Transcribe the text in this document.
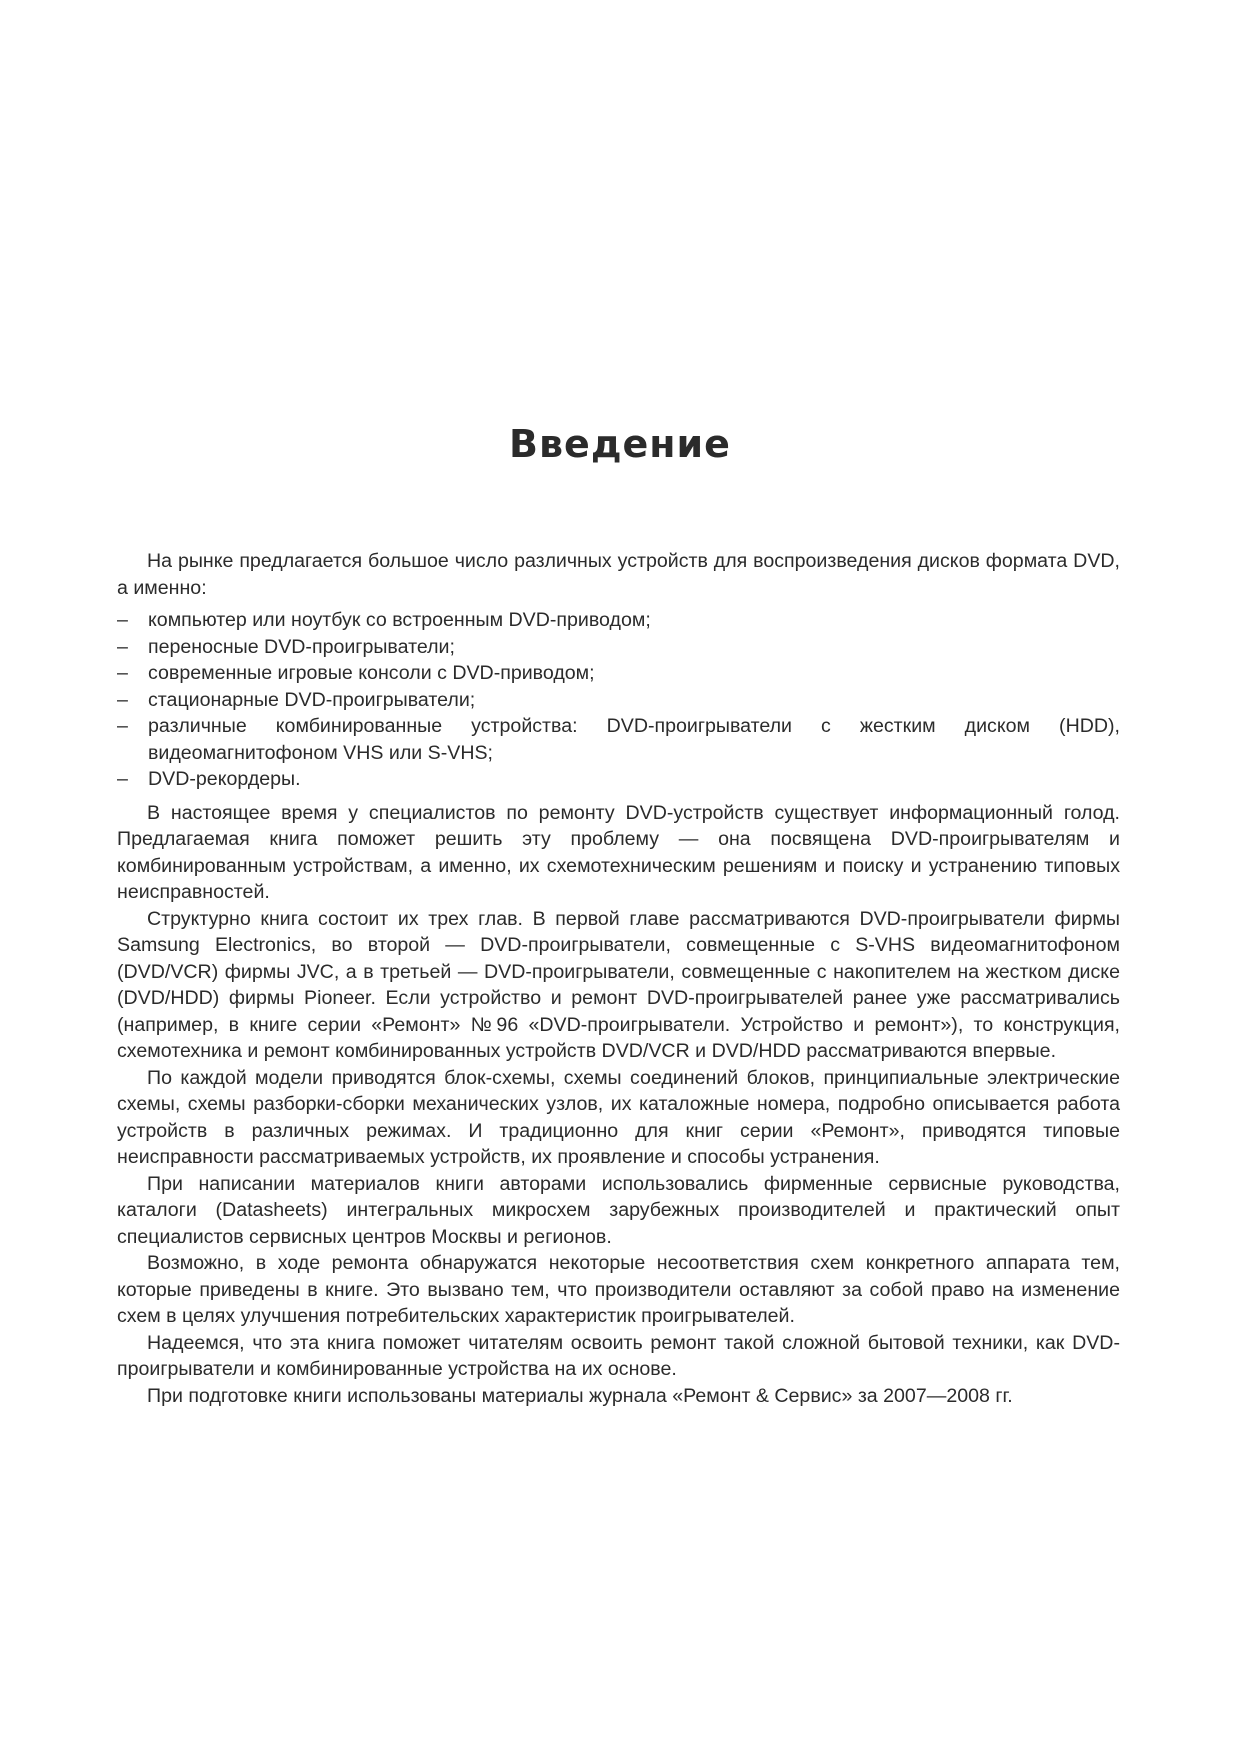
Введение

На рынке предлагается большое число различных устройств для воспроизведения дисков формата DVD, а именно:

– компьютер или ноутбук со встроенным DVD-приводом;
– переносные DVD-проигрыватели;
– современные игровые консоли с DVD-приводом;
– стационарные DVD-проигрыватели;
– различные комбинированные устройства: DVD-проигрыватели с жестким диском (HDD), видеомагнитофоном VHS или S-VHS;
– DVD-рекордеры.

В настоящее время у специалистов по ремонту DVD-устройств существует информационный голод. Предлагаемая книга поможет решить эту проблему — она посвящена DVD-проигрывателям и комбинированным устройствам, а именно, их схемотехническим решениям и поиску и устранению типовых неисправностей.

Структурно книга состоит их трех глав. В первой главе рассматриваются DVD-проигрыватели фирмы Samsung Electronics, во второй — DVD-проигрыватели, совмещенные с S-VHS видеомагнитофоном (DVD/VCR) фирмы JVC, а в третьей — DVD-проигрыватели, совмещенные с накопителем на жестком диске (DVD/HDD) фирмы Pioneer. Если устройство и ремонт DVD-проигрывателей ранее уже рассматривались (например, в книге серии «Ремонт» №96 «DVD-проигрыватели. Устройство и ремонт»), то конструкция, схемотехника и ремонт комбинированных устройств DVD/VCR и DVD/HDD рассматриваются впервые.

По каждой модели приводятся блок-схемы, схемы соединений блоков, принципиальные электрические схемы, схемы разборки-сборки механических узлов, их каталожные номера, подробно описывается работа устройств в различных режимах. И традиционно для книг серии «Ремонт», приводятся типовые неисправности рассматриваемых устройств, их проявление и способы устранения.

При написании материалов книги авторами использовались фирменные сервисные руководства, каталоги (Datasheets) интегральных микросхем зарубежных производителей и практический опыт специалистов сервисных центров Москвы и регионов.

Возможно, в ходе ремонта обнаружатся некоторые несоответствия схем конкретного аппарата тем, которые приведены в книге. Это вызвано тем, что производители оставляют за собой право на изменение схем в целях улучшения потребительских характеристик проигрывателей.

Надеемся, что эта книга поможет читателям освоить ремонт такой сложной бытовой техники, как DVD-проигрыватели и комбинированные устройства на их основе.

При подготовке книги использованы материалы журнала «Ремонт & Сервис» за 2007—2008 гг.
